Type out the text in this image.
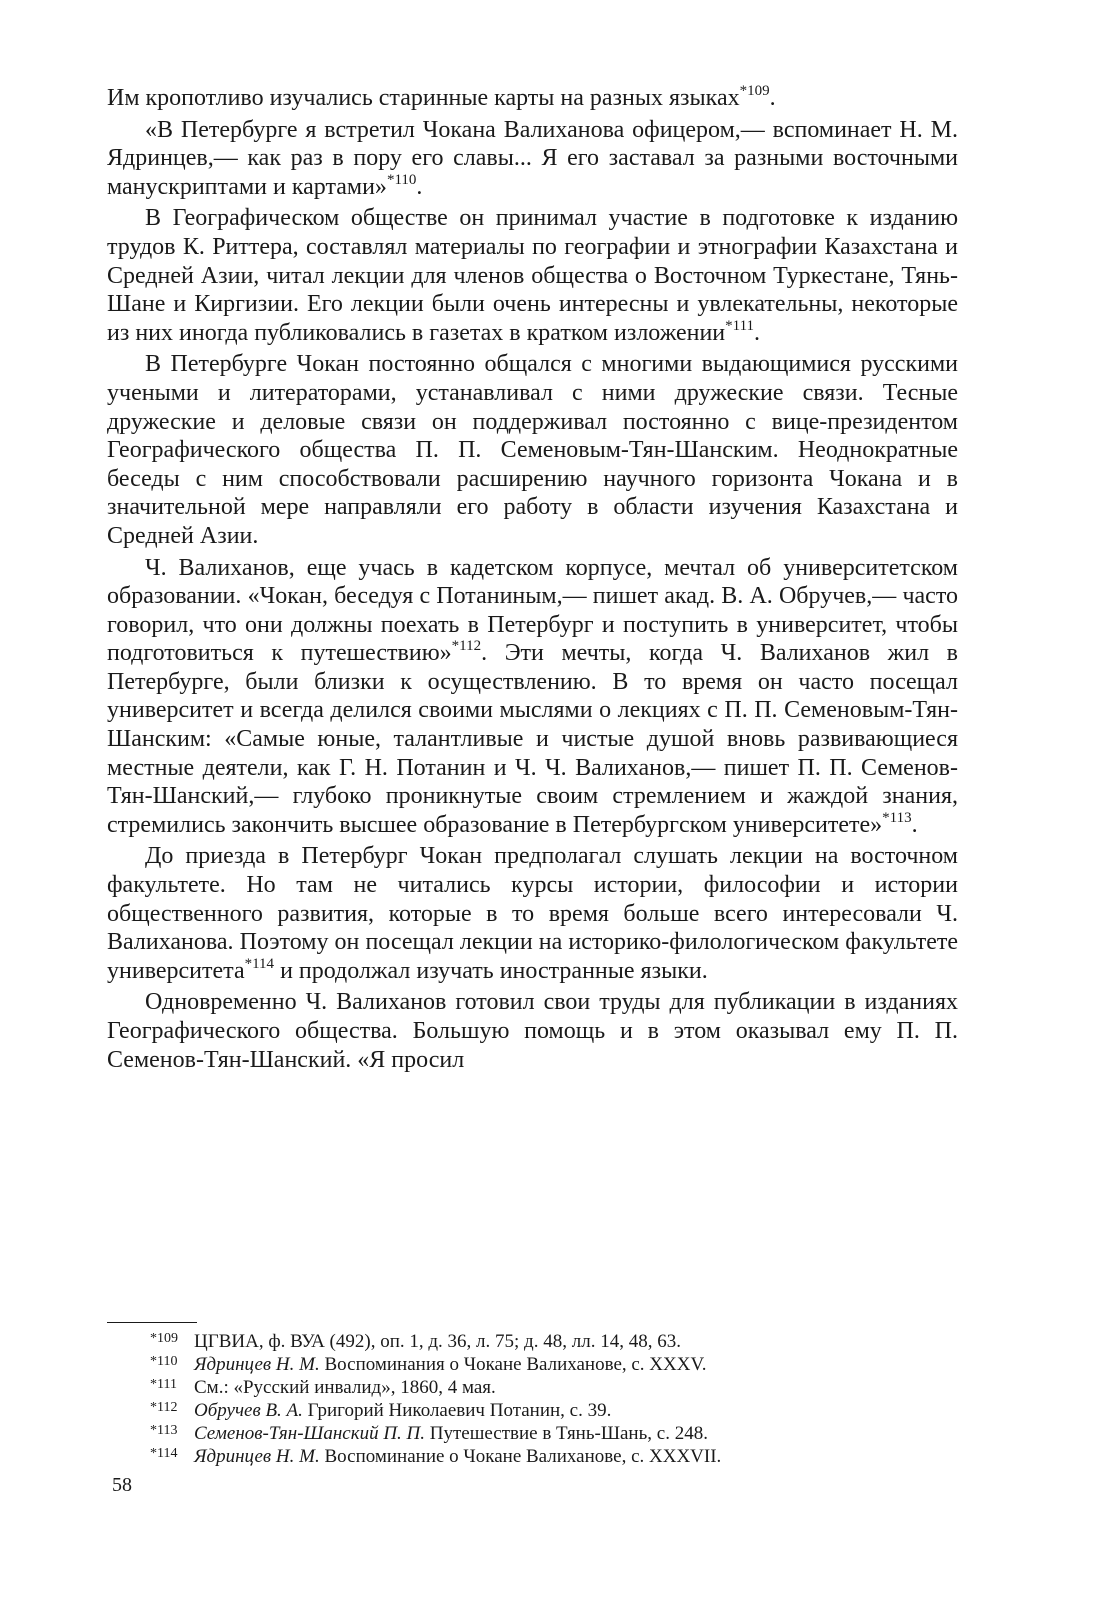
Им кропотливо изучались старинные карты на разных языках$^{*109}$.

«В Петербурге я встретил Чокана Валиханова офицером,— вспоминает Н. М. Ядринцев,— как раз в пору его славы... Я его заставал за разными восточными манускриптами и картами»$^{*110}$.

В Географическом обществе он принимал участие в подготовке к изданию трудов К. Риттера, составлял материалы по географии и этнографии Казахстана и Средней Азии, читал лекции для членов общества о Восточном Туркестане, Тянь-Шане и Киргизии. Его лекции были очень интересны и увлекательны, некоторые из них иногда публиковались в газетах в кратком изложении$^{*111}$.

В Петербурге Чокан постоянно общался с многими выдающимися русскими учеными и литераторами, устанавливал с ними дружеские связи. Тесные дружеские и деловые связи он поддерживал постоянно с вице-президентом Географического общества П. П. Семеновым-Тян-Шанским. Неоднократные беседы с ним способствовали расширению научного горизонта Чокана и в значительной мере направляли его работу в области изучения Казахстана и Средней Азии.

Ч. Валиханов, еще учась в кадетском корпусе, мечтал об университетском образовании. «Чокан, беседуя с Потаниным,— пишет акад. В. А. Обручев,— часто говорил, что они должны поехать в Петербург и поступить в университет, чтобы подготовиться к путешествию»$^{*112}$. Эти мечты, когда Ч. Валиханов жил в Петербурге, были близки к осуществлению. В то время он часто посещал университет и всегда делился своими мыслями о лекциях с П. П. Семеновым-Тян-Шанским: «Самые юные, талантливые и чистые душой вновь развивающиеся местные деятели, как Г. Н. Потанин и Ч. Ч. Валиханов,— пишет П. П. Семенов-Тян-Шанский,— глубоко проникнутые своим стремлением и жаждой знания, стремились закончить высшее образование в Петербургском университете»$^{*113}$.

До приезда в Петербург Чокан предполагал слушать лекции на восточном факультете. Но там не читались курсы истории, философии и истории общественного развития, которые в то время больше всего интересовали Ч. Валиханова. Поэтому он посещал лекции на историко-филологическом факультете университета$^{*114}$ и продолжал изучать иностранные языки.

Одновременно Ч. Валиханов готовил свои труды для публикации в изданиях Географического общества. Большую помощь и в этом оказывал ему П. П. Семенов-Тян-Шанский. «Я просил

*109 ЦГВИА, ф. ВУА (492), оп. 1, д. 36, л. 75; д. 48, лл. 14, 48, 63.
*110 Ядринцев Н. М. Воспоминания о Чокане Валиханове, с. XXXV.
*111 См.: «Русский инвалид», 1860, 4 мая.
*112 Обручев В. А. Григорий Николаевич Потанин, с. 39.
*113 Семенов-Тян-Шанский П. П. Путешествие в Тянь-Шань, с. 248.
*114 Ядринцев Н. М. Воспоминание о Чокане Валиханове, с. XXXVII.
58
